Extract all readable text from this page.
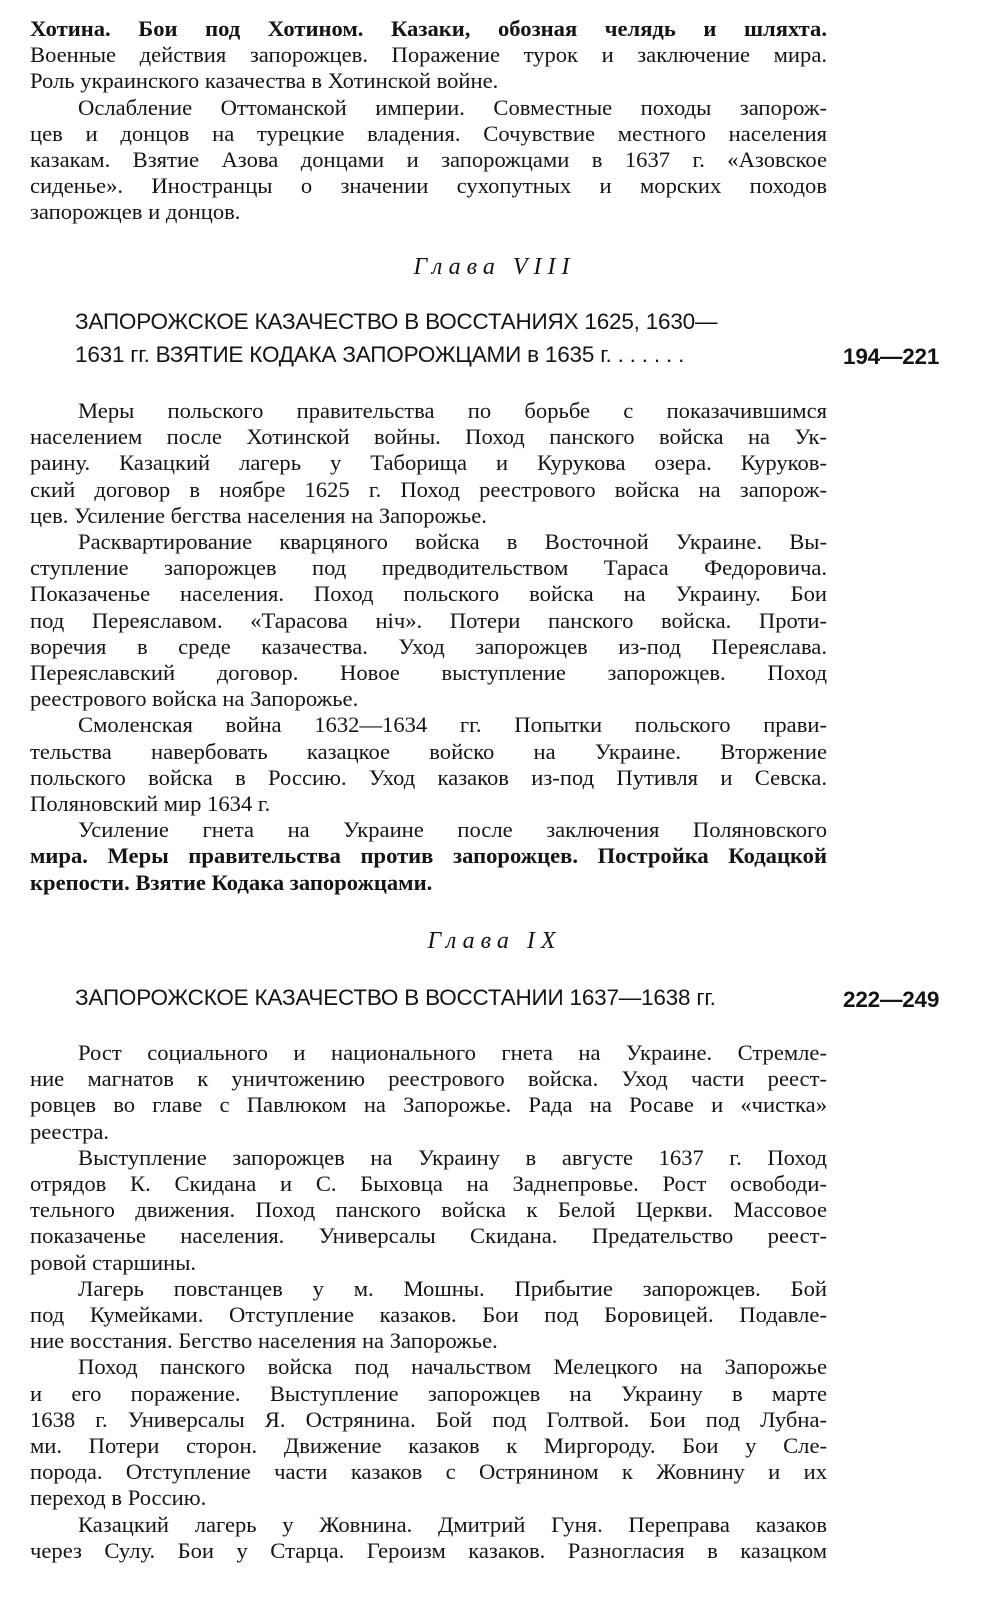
Хотина. Бои под Хотином. Казаки, обозная челядь и шляхта.
Военные действия запорожцев. Поражение турок и заключение мира.
Роль украинского казачества в Хотинской войне.
Ослабление Оттоманской империи. Совместные походы запорож-
цев и донцов на турецкие владения. Сочувствие местного населения
казакам. Взятие Азова донцами и запорожцами в 1637 г. «Азовское
сиденье». Иностранцы о значении сухопутных и морских походов
запорожцев и донцов.
Глава VIII
ЗАПОРОЖСКОЕ КАЗАЧЕСТВО В ВОССТАНИЯХ 1625, 1630—
1631 гг. ВЗЯТИЕ КОДАКА ЗАПОРОЖЦАМИ в 1635 г. . . . . . .	194—221
Меры польского правительства по борьбе с показачившимся
населением после Хотинской войны. Поход панского войска на Ук-
раину. Казацкий лагерь у Таборища и Курукова озера. Куруков-
ский договор в ноябре 1625 г. Поход реестрового войска на запорож-
цев. Усиление бегства населения на Запорожье.
Расквартирование кварцяного войска в Восточной Украине. Вы-
ступление запорожцев под предводительством Тараса Федоровича.
Показаченье населения. Поход польского войска на Украину. Бои
под Переяславом. «Тарасова нiч». Потери панского войска. Проти-
воречия в среде казачества. Уход запорожцев из-под Переяслава.
Переяславский договор. Новое выступление запорожцев. Поход
реестрового войска на Запорожье.
Смоленская война 1632—1634 гг. Попытки польского прави-
тельства навербовать казацкое войско на Украине. Вторжение
польского войска в Россию. Уход казаков из-под Путивля и Севска.
Поляновский мир 1634 г.
Усиление гнета на Украине после заключения Поляновского
мира. Меры правительства против запорожцев. Постройка Кодацкой
крепости. Взятие Кодака запорожцами.
Глава IX
ЗАПОРОЖСКОЕ КАЗАЧЕСТВО В ВОССТАНИИ 1637—1638 гг.	222—249
Рост социального и национального гнета на Украине. Стремле-
ние магнатов к уничтожению реестрового войска. Уход части реест-
ровцев во главе с Павлюком на Запорожье. Рада на Росаве и «чистка»
реестра.
Выступление запорожцев на Украину в августе 1637 г. Поход
отрядов К. Скидана и С. Быховца на Заднепровье. Рост освободи-
тельного движения. Поход панского войска к Белой Церкви. Массовое
показаченье населения. Универсалы Скидана. Предательство реест-
ровой старшины.
Лагерь повстанцев у м. Мошны. Прибытие запорожцев. Бой
под Кумейками. Отступление казаков. Бои под Боровицей. Подавле-
ние восстания. Бегство населения на Запорожье.
Поход панского войска под начальством Мелецкого на Запорожье
и его поражение. Выступление запорожцев на Украину в марте
1638 г. Универсалы Я. Острянина. Бой под Голтвой. Бои под Лубна-
ми. Потери сторон. Движение казаков к Миргороду. Бои у Сле-
порода. Отступление части казаков с Острянином к Жовнину и их
переход в Россию.
Казацкий лагерь у Жовнина. Дмитрий Гуня. Переправа казаков
через Сулу. Бои у Старца. Героизм казаков. Разногласия в казацком
